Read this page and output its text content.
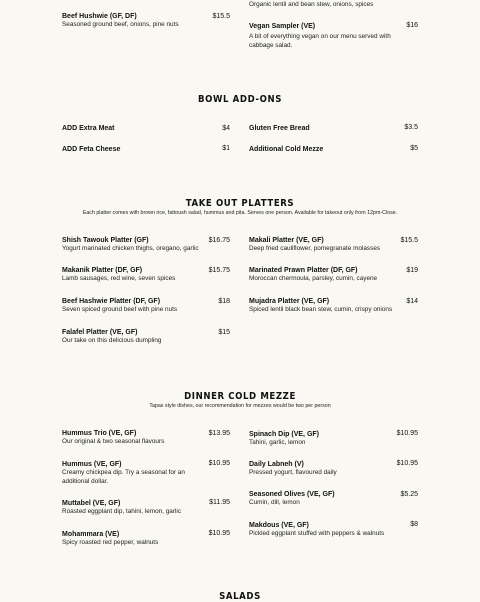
Organic lentil and bean stew, onions, spices
Beef Hushwie (GF, DF)
Seasoned ground beef, onions, pine nuts
$15.5
Vegan Sampler (VE)
A bit of everything vegan on our menu served with cabbage salad.
$16
BOWL ADD-ONS
ADD Extra Meat	$4
ADD Feta Cheese	$1
Gluten Free Bread	$3.5
Additional Cold Mezze	$5
TAKE OUT PLATTERS
Each platter comes with brown rice, fattoush salad, hummus and pita. Serves one person. Available for takeout only from 12pm-Close.
Shish Tawouk Platter (GF)
Yogurt marinated chicken thighs, oregano, garlic
$16.75
Makanik Platter (DF, GF)
Lamb sausages, red wine, seven spices
$15.75
Beef Hashwie Platter (DF, GF)
Seven spiced ground beef with pine nuts
$18
Falafel Platter (VE, GF)
Our take on this delicious dumpling
$15
Makali Platter (VE, GF)
Deep fried cauliflower, pomegranate molasses
$15.5
Marinated Prawn Platter (DF, GF)
Moroccan chermoula, parsley, cumin, cayene
$19
Mujadra Platter (VE, GF)
Spiced lentil black bean stew, cumin, crispy onions
$14
DINNER COLD MEZZE
Tapas style dishes, our recommendation for mezzes would be two per person
Hummus Trio (VE, GF)
Our original & two seasonal flavours
$13.95
Hummus (VE, GF)
Creamy chickpea dip. Try a seasonal for an additional dollar.
$10.95
Muttabel (VE, GF)
Roasted eggplant dip, tahini, lemon, garlic
$11.95
Mohammara (VE)
Spicy roasted red pepper, walnuts
$10.95
Spinach Dip (VE, GF)
Tahini, garlic, lemon
$10.95
Daily Labneh (V)
Pressed yogurt, flavoured daily
$10.95
Seasoned Olives (VE, GF)
Cumin, dill, lemon
$5.25
Makdous (VE, GF)
Pickled eggplant stuffed with peppers & walnuts
$8
SALADS
